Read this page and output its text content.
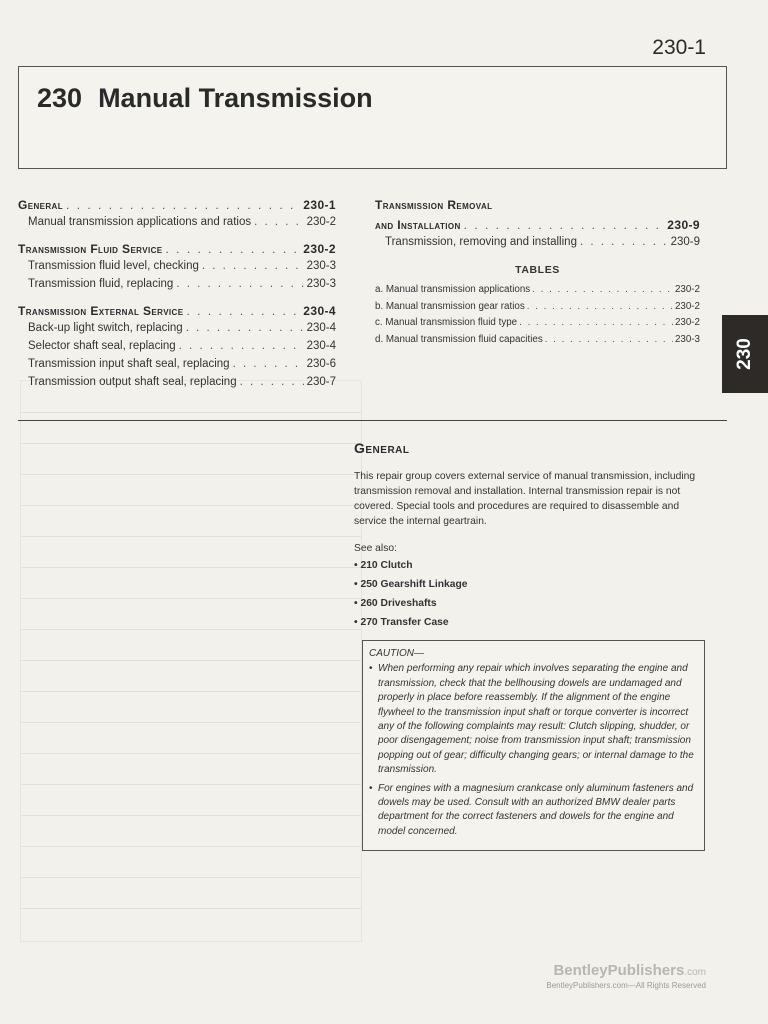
230-1
230 Manual Transmission
General . . .	230-1
Manual transmission applications and ratios . . .	230-2
Transmission Fluid Service . . .	230-2
Transmission fluid level, checking . . .	230-3
Transmission fluid, replacing . . .	230-3
Transmission External Service . . .	230-4
Back-up light switch, replacing . . .	230-4
Selector shaft seal, replacing . . .	230-4
Transmission input shaft seal, replacing . . .	230-6
Transmission output shaft seal, replacing . . .	230-7
Transmission Removal
and Installation . . .	230-9
Transmission, removing and installing . . .	230-9
TABLES
a. Manual transmission applications . . .	230-2
b. Manual transmission gear ratios . . .	230-2
c. Manual transmission fluid type . . .	230-2
d. Manual transmission fluid capacities . . .	230-3 230
General

This repair group covers external service of manual transmission, including transmission removal and installation. Internal transmission repair is not covered. Special tools and procedures are required to disassemble and service the internal geartrain.

See also:
• 210 Clutch
• 250 Gearshift Linkage
• 260 Driveshafts
• 270 Transfer Case
CAUTION—
• When performing any repair which involves separating the engine and transmission, check that the bellhousing dowels are undamaged and properly in place before reassembly. If the alignment of the engine flywheel to the transmission input shaft or torque converter is incorrect any of the following complaints may result: Clutch slipping, shudder, or poor disengagement; noise from transmission input shaft; transmission popping out of gear; difficulty changing gears; or internal damage to the transmission.
• For engines with a magnesium crankcase only aluminum fasteners and dowels may be used. Consult with an authorized BMW dealer parts department for the correct fasteners and dowels for the engine and model concerned.
BentleyPublishers.com
BentleyPublishers.com—All Rights Reserved
